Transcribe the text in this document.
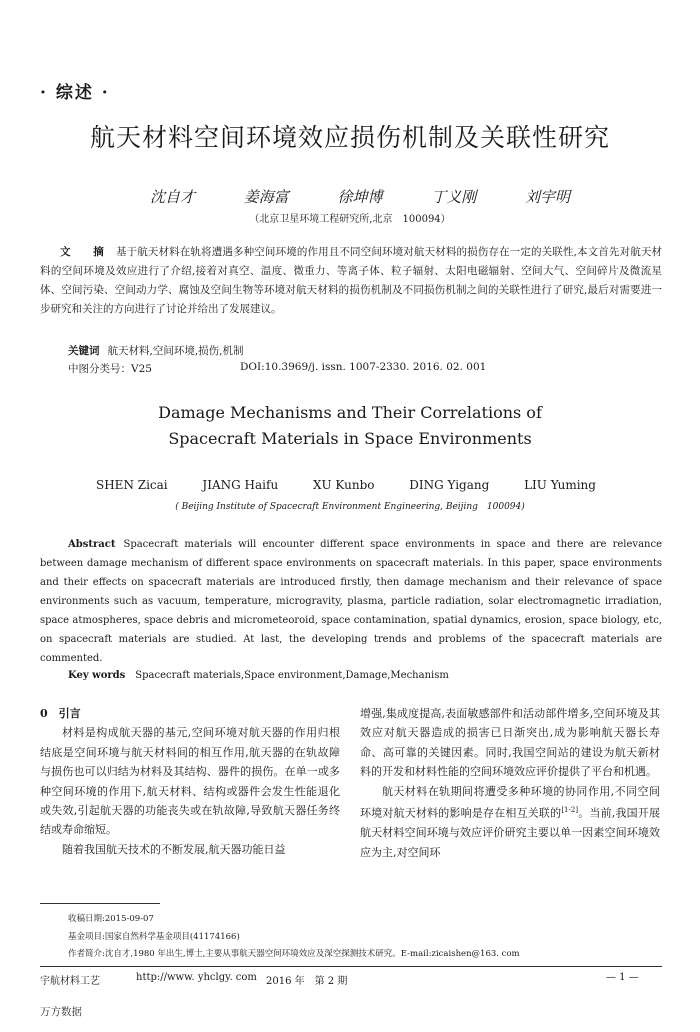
· 综述 ·
航天材料空间环境效应损伤机制及关联性研究
沈自才	姜海富	徐坤博	丁义刚	刘宇明
（北京卫星环境工程研究所,北京　100094）
文　摘 基于航天材料在轨将遭遇多种空间环境的作用且不同空间环境对航天材料的损伤存在一定的关联性,本文首先对航天材料的空间环境及效应进行了介绍,接着对真空、温度、微重力、等离子体、粒子辐射、太阳电磁辐射、空间大气、空间碎片及微流星体、空间污染、空间动力学、腐蚀及空间生物等环境对航天材料的损伤机制及不同损伤机制之间的关联性进行了研究,最后对需要进一步研究和关注的方向进行了讨论并给出了发展建议。
关键词 航天材料,空间环境,损伤,机制
中图分类号：V25	DOI:10.3969/j. issn. 1007-2330. 2016. 02. 001
Damage Mechanisms and Their Correlations of
Spacecraft Materials in Space Environments
SHEN Zicai	JIANG Haifu	XU Kunbo	DING Yigang	LIU Yuming
( Beijing Institute of Spacecraft Environment Engineering, Beijing　100094)
Abstract Spacecraft materials will encounter different space environments in space and there are relevance between damage mechanism of different space environments on spacecraft materials. In this paper, space environments and their effects on spacecraft materials are introduced firstly, then damage mechanism and their relevance of space environments such as vacuum, temperature, microgravity, plasma, particle radiation, solar electromagnetic irradiation, space atmospheres, space debris and micrometeoroid, space contamination, spatial dynamics, erosion, space biology, etc, on spacecraft materials are studied. At last, the developing trends and problems of the spacecraft materials are commented.
Key words Spacecraft materials,Space environment,Damage,Mechanism

0　引言

材料是构成航天器的基元,空间环境对航天器的作用归根结底是空间环境与航天材料间的相互作用,航天器的在轨故障与损伤也可以归结为材料及其结构、器件的损伤。在单一或多种空间环境的作用下,航天材料、结构或器件会发生性能退化或失效,引起航天器的功能丧失或在轨故障,导致航天器任务终结或寿命缩短。

随着我国航天技术的不断发展,航天器功能日益

增强,集成度提高,表面敏感部件和活动部件增多,空间环境及其效应对航天器造成的损害已日渐突出,成为影响航天器长寿命、高可靠的关键因素。同时,我国空间站的建设为航天新材料的开发和材料性能的空间环境效应评价提供了平台和机遇。

航天材料在轨期间将遭受多种环境的协同作用,不同空间环境对航天材料的影响是存在相互关联的[1-2]。当前,我国开展航天材料空间环境与效应评价研究主要以单一因素空间环境效应为主,对空间环

收稿日期:2015-09-07
基金项目:国家自然科学基金项目(41174166)
作者简介:沈自才,1980 年出生,博士,主要从事航天器空间环境效应及深空探测技术研究。E-mail:zicaishen@163. com
宇航材料工艺	http://www. yhclgy. com 2016 年　第 2 期	— 1 —
万方数据
